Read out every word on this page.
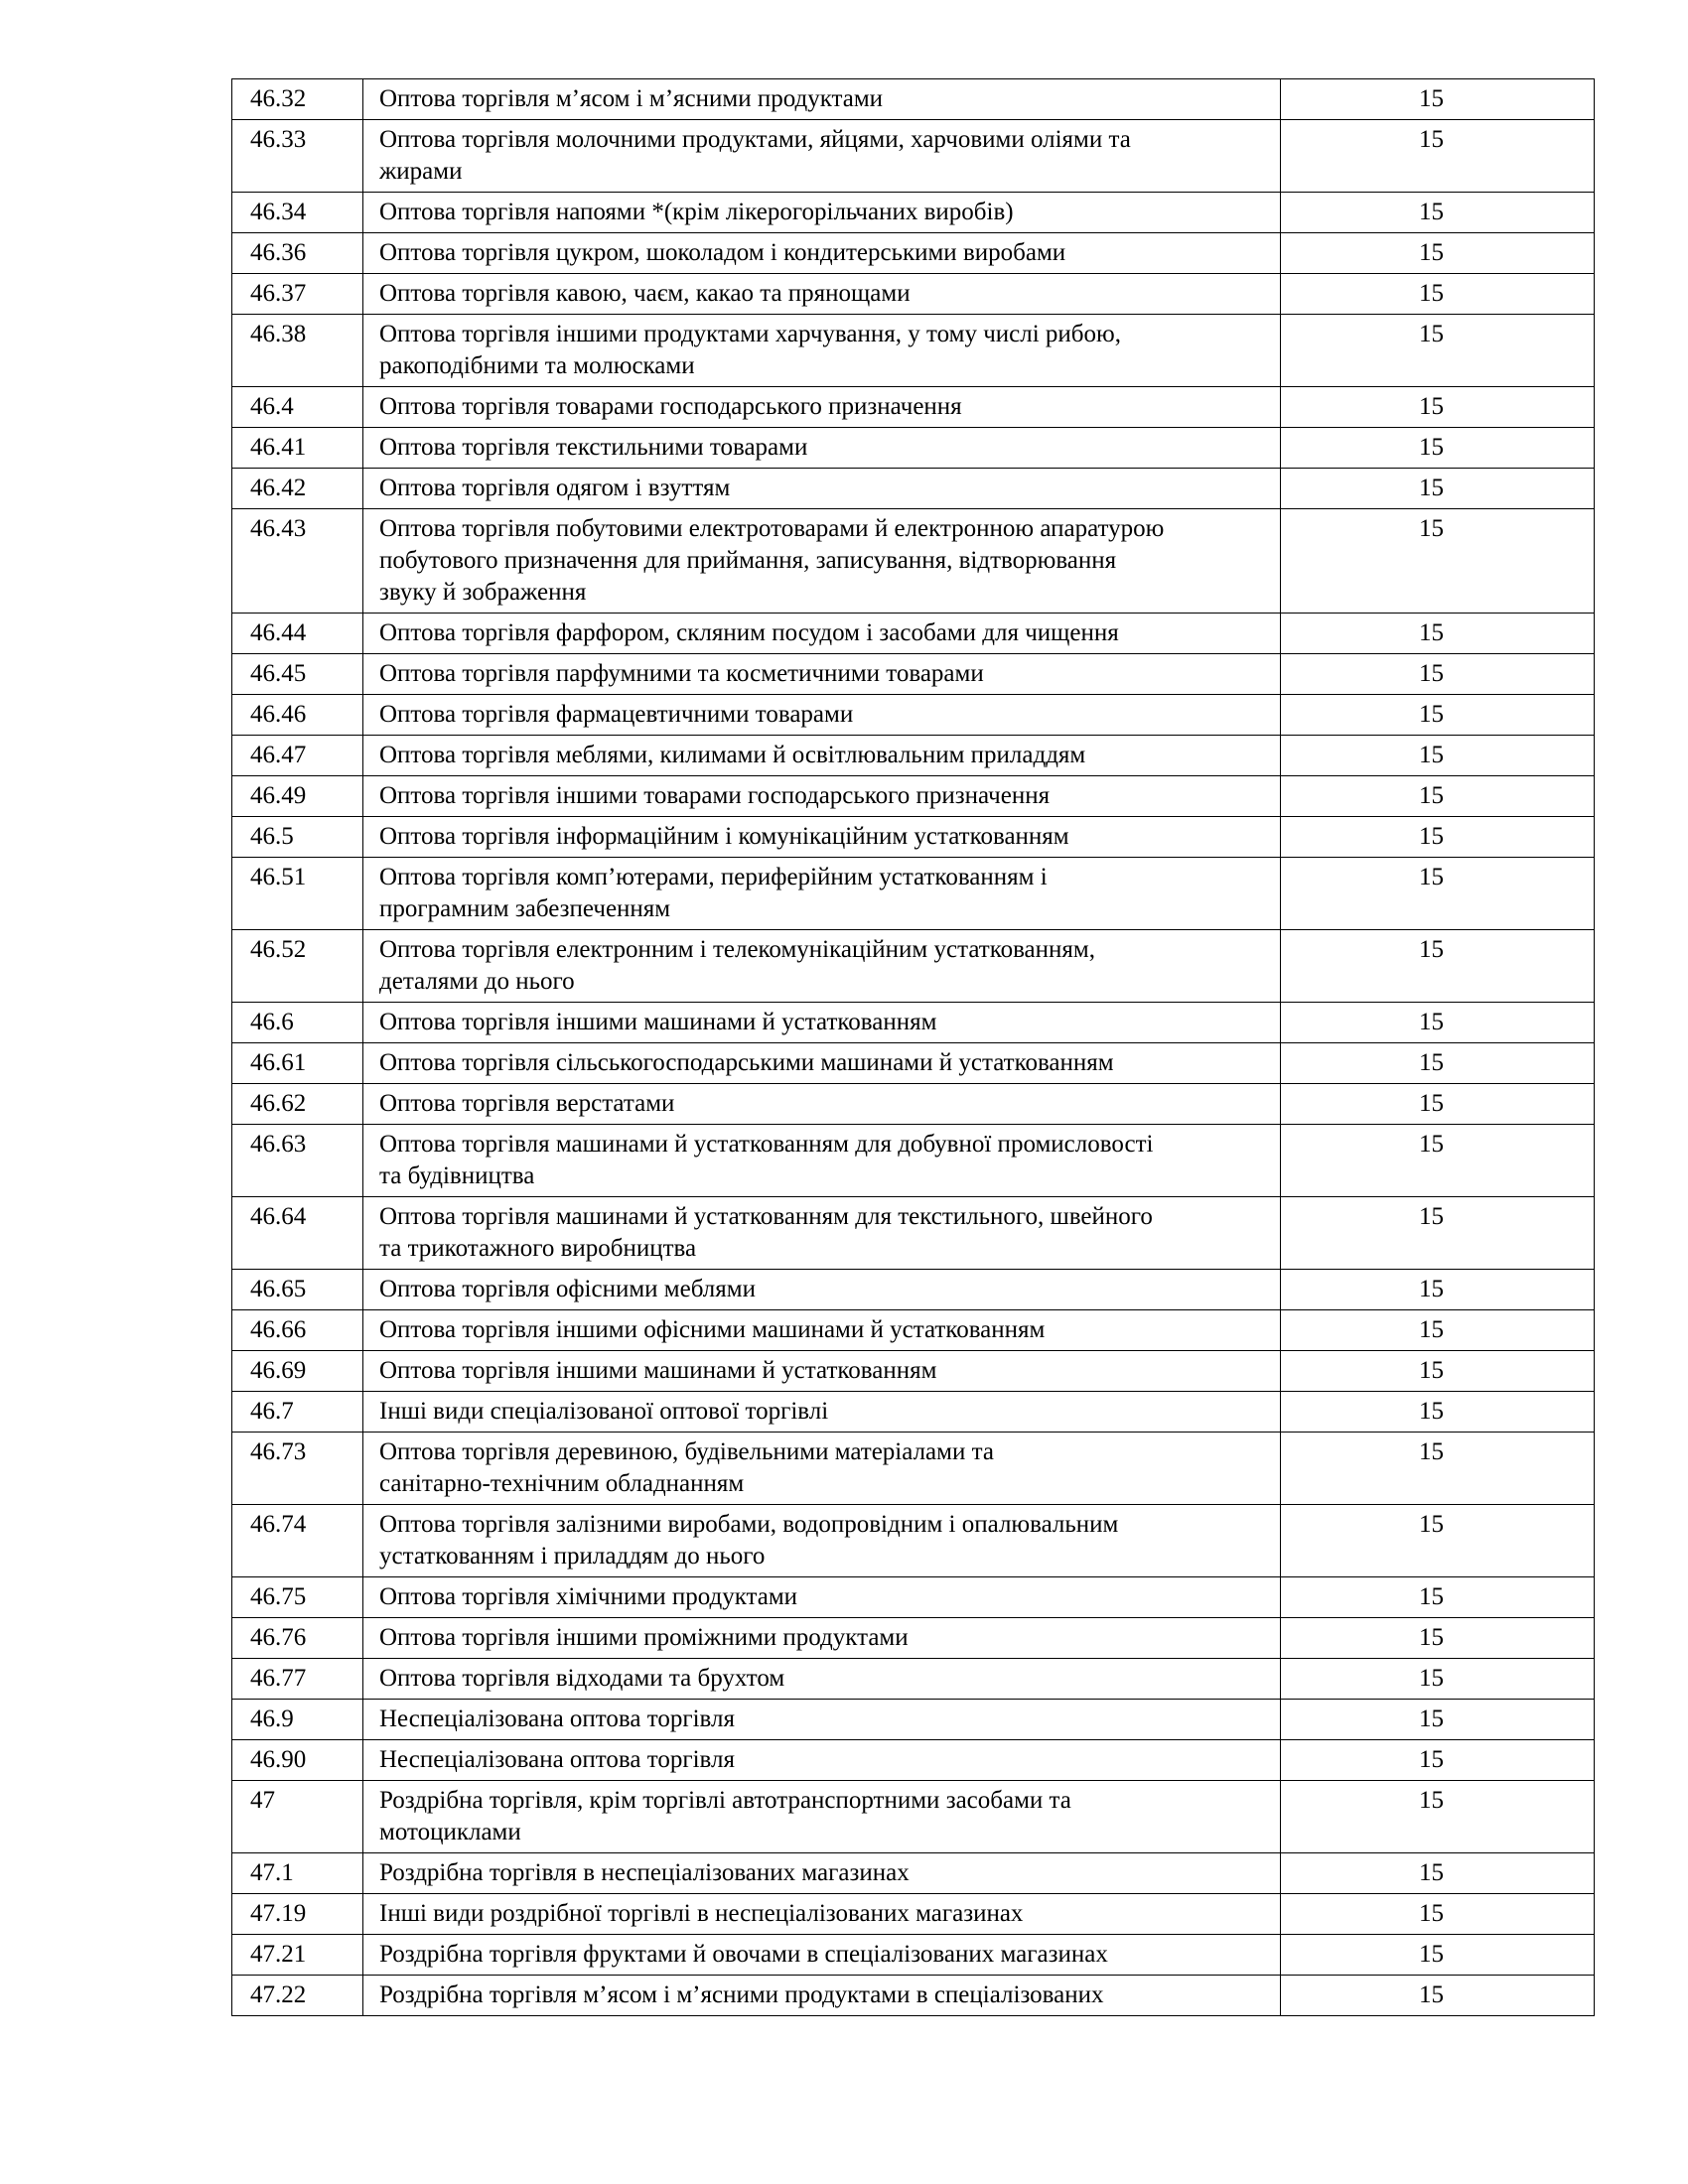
46.32	Оптова торгівля м’ясом і м’ясними продуктами	15
46.33	Оптова торгівля молочними продуктами, яйцями, харчовими оліями та
жирами	15
46.34	Оптова торгівля напоями *(крім лікерогорільчаних виробів)	15
46.36	Оптова торгівля цукром, шоколадом і кондитерськими виробами	15
46.37	Оптова торгівля кавою, чаєм, какао та прянощами	15
46.38	Оптова торгівля іншими продуктами харчування, у тому числі рибою,
ракоподібними та молюсками	15
46.4	Оптова торгівля товарами господарського призначення	15
46.41	Оптова торгівля текстильними товарами	15
46.42	Оптова торгівля одягом і взуттям	15
46.43	Оптова торгівля побутовими електротоварами й електронною апаратурою
побутового призначення для приймання, записування, відтворювання
звуку й зображення	15
46.44	Оптова торгівля фарфором, скляним посудом і засобами для чищення	15
46.45	Оптова торгівля парфумними та косметичними товарами	15
46.46	Оптова торгівля фармацевтичними товарами	15
46.47	Оптова торгівля меблями, килимами й освітлювальним приладдям	15
46.49	Оптова торгівля іншими товарами господарського призначення	15
46.5	Оптова торгівля інформаційним і комунікаційним устаткованням	15
46.51	Оптова торгівля комп’ютерами, периферійним устаткованням і
програмним забезпеченням	15
46.52	Оптова торгівля електронним і телекомунікаційним устаткованням,
деталями до нього	15
46.6	Оптова торгівля іншими машинами й устаткованням	15
46.61	Оптова торгівля сільськогосподарськими машинами й устаткованням	15
46.62	Оптова торгівля верстатами	15
46.63	Оптова торгівля машинами й устаткованням для добувної промисловості
та будівництва	15
46.64	Оптова торгівля машинами й устаткованням для текстильного, швейного
та трикотажного виробництва	15
46.65	Оптова торгівля офісними меблями	15
46.66	Оптова торгівля іншими офісними машинами й устаткованням	15
46.69	Оптова торгівля іншими машинами й устаткованням	15
46.7	Інші види спеціалізованої оптової торгівлі	15
46.73	Оптова торгівля деревиною, будівельними матеріалами та
санітарно-технічним обладнанням	15
46.74	Оптова торгівля залізними виробами, водопровідним і опалювальним
устаткованням і приладдям до нього	15
46.75	Оптова торгівля хімічними продуктами	15
46.76	Оптова торгівля іншими проміжними продуктами	15
46.77	Оптова торгівля відходами та брухтом	15
46.9	Неспеціалізована оптова торгівля	15
46.90	Неспеціалізована оптова торгівля	15
47	Роздрібна торгівля, крім торгівлі автотранспортними засобами та
мотоциклами	15
47.1	Роздрібна торгівля в неспеціалізованих магазинах	15
47.19	Інші види роздрібної торгівлі в неспеціалізованих магазинах	15
47.21	Роздрібна торгівля фруктами й овочами в спеціалізованих магазинах	15
47.22	Роздрібна торгівля м’ясом і м’ясними продуктами в спеціалізованих	15
